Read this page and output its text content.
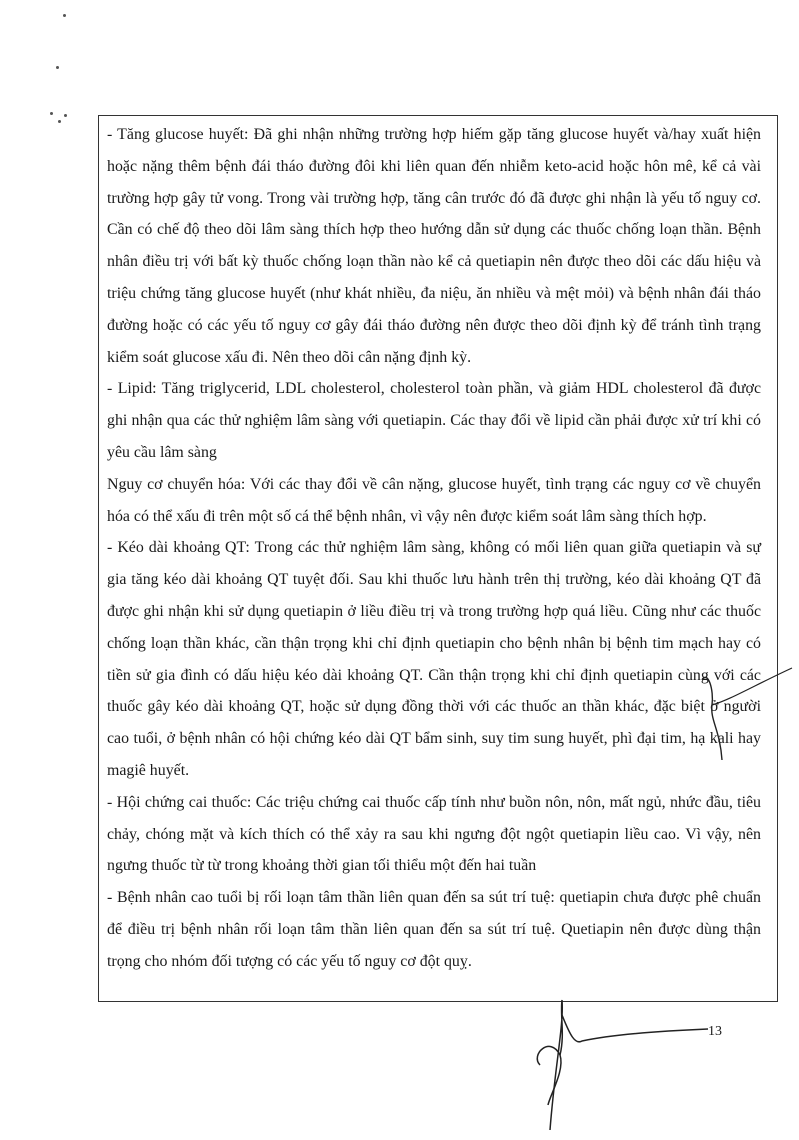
- Tăng glucose huyết: Đã ghi nhận những trường hợp hiếm gặp tăng glucose huyết và/hay xuất hiện hoặc nặng thêm bệnh đái tháo đường đôi khi liên quan đến nhiễm keto-acid hoặc hôn mê, kể cả vài trường hợp gây tử vong. Trong vài trường hợp, tăng cân trước đó đã được ghi nhận là yếu tố nguy cơ. Cần có chế độ theo dõi lâm sàng thích hợp theo hướng dẫn sử dụng các thuốc chống loạn thần. Bệnh nhân điều trị với bất kỳ thuốc chống loạn thần nào kể cả quetiapin nên được theo dõi các dấu hiệu và triệu chứng tăng glucose huyết (như khát nhiều, đa niệu, ăn nhiều và mệt mỏi) và bệnh nhân đái tháo đường hoặc có các yếu tố nguy cơ gây đái tháo đường nên được theo dõi định kỳ để tránh tình trạng kiểm soát glucose xấu đi. Nên theo dõi cân nặng định kỳ.

- Lipid: Tăng triglycerid, LDL cholesterol, cholesterol toàn phần, và giảm HDL cholesterol đã được ghi nhận qua các thử nghiệm lâm sàng với quetiapin. Các thay đổi về lipid cần phải được xử trí khi có yêu cầu lâm sàng

Nguy cơ chuyển hóa: Với các thay đổi về cân nặng, glucose huyết, tình trạng các nguy cơ về chuyển hóa có thể xấu đi trên một số cá thể bệnh nhân, vì vậy nên được kiểm soát lâm sàng thích hợp.

- Kéo dài khoảng QT: Trong các thử nghiệm lâm sàng, không có mối liên quan giữa quetiapin và sự gia tăng kéo dài khoảng QT tuyệt đối. Sau khi thuốc lưu hành trên thị trường, kéo dài khoảng QT đã được ghi nhận khi sử dụng quetiapin ở liều điều trị và trong trường hợp quá liều. Cũng như các thuốc chống loạn thần khác, cần thận trọng khi chỉ định quetiapin cho bệnh nhân bị bệnh tim mạch hay có tiền sử gia đình có dấu hiệu kéo dài khoảng QT. Cần thận trọng khi chỉ định quetiapin cùng với các thuốc gây kéo dài khoảng QT, hoặc sử dụng đồng thời với các thuốc an thần khác, đặc biệt ở người cao tuổi, ở bệnh nhân có hội chứng kéo dài QT bẩm sinh, suy tim sung huyết, phì đại tim, hạ kali hay magiê huyết.

- Hội chứng cai thuốc: Các triệu chứng cai thuốc cấp tính như buồn nôn, nôn, mất ngủ, nhức đầu, tiêu chảy, chóng mặt và kích thích có thể xảy ra sau khi ngưng đột ngột quetiapin liều cao. Vì vậy, nên ngưng thuốc từ từ trong khoảng thời gian tối thiểu một đến hai tuần

- Bệnh nhân cao tuổi bị rối loạn tâm thần liên quan đến sa sút trí tuệ: quetiapin chưa được phê chuẩn để điều trị bệnh nhân rối loạn tâm thần liên quan đến sa sút trí tuệ. Quetiapin nên được dùng thận trọng cho nhóm đối tượng có các yếu tố nguy cơ đột quỵ.

13
